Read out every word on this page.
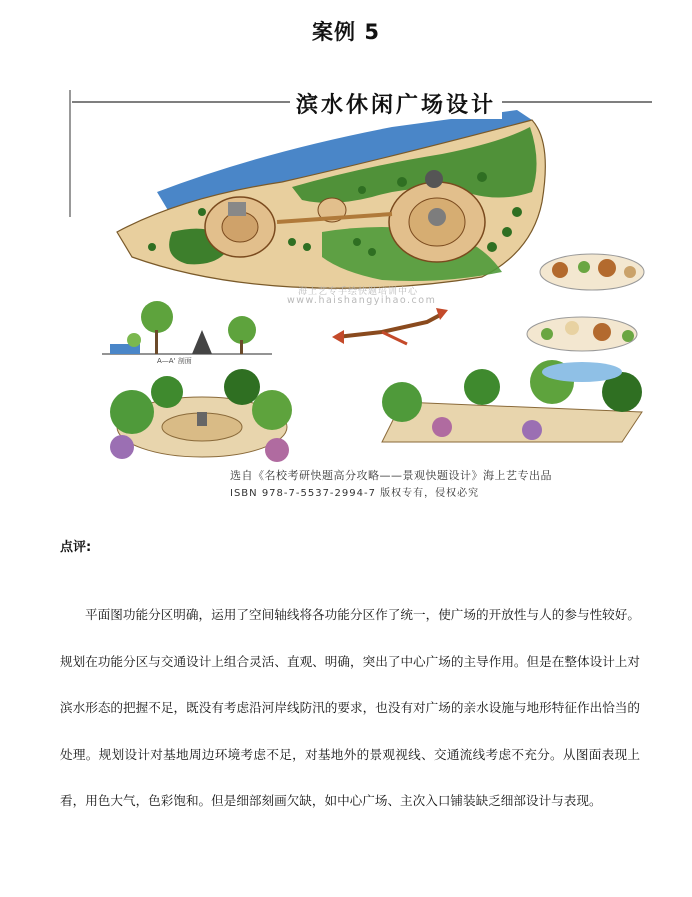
案例 5
滨水休闲广场设计
海上艺专手绘快题培训中心
www.haishangyihao.com
A—A' 剖面
选自《名校考研快题高分攻略——景观快题设计》海上艺专出品
ISBN 978-7-5537-2994-7 版权专有，侵权必究
点评:

平面图功能分区明确，运用了空间轴线将各功能分区作了统一，使广场的开放性与人的参与性较好。规划在功能分区与交通设计上组合灵活、直观、明确，突出了中心广场的主导作用。但是在整体设计上对滨水形态的把握不足，既没有考虑沿河岸线防汛的要求，也没有对广场的亲水设施与地形特征作出恰当的处理。规划设计对基地周边环境考虑不足，对基地外的景观视线、交通流线考虑不充分。从图面表现上看，用色大气，色彩饱和。但是细部刻画欠缺，如中心广场、主次入口铺装缺乏细部设计与表现。
